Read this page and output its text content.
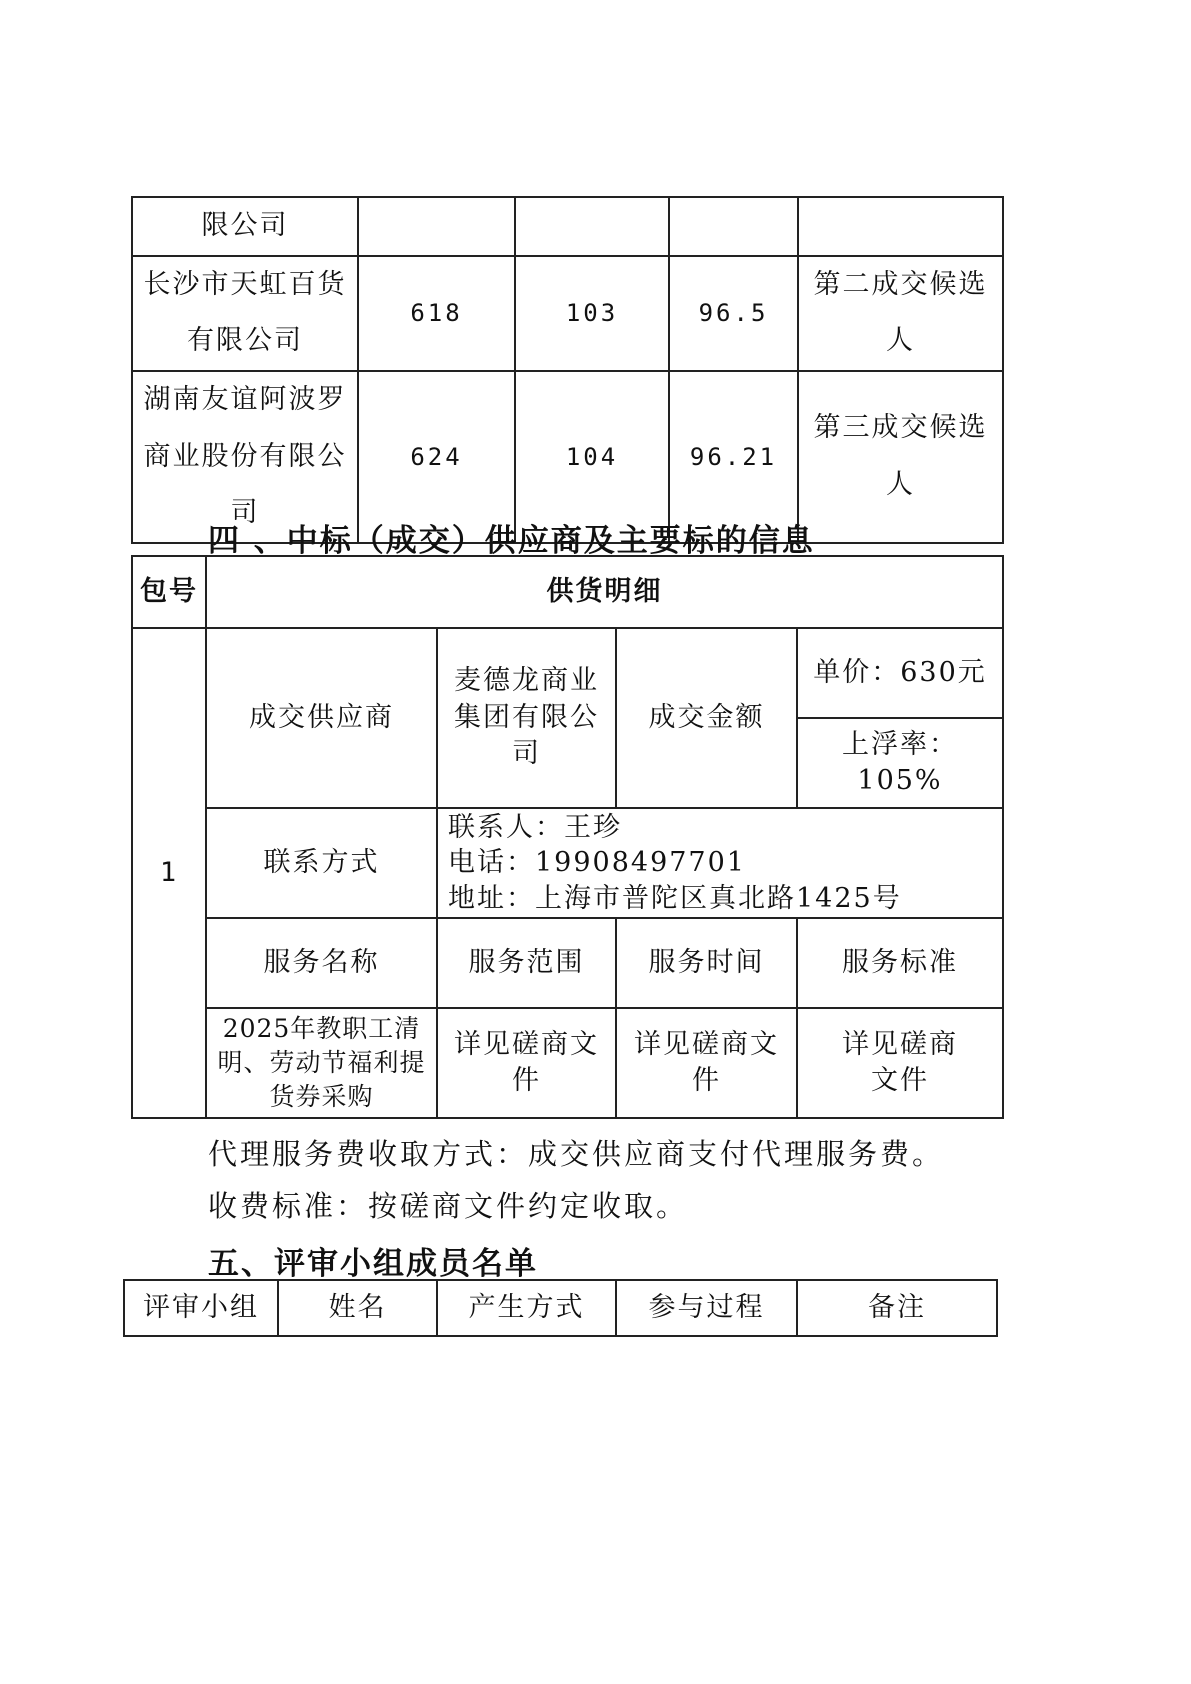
限公司				
长沙市天虹百货有限公司	618	103	96.5	第二成交候选人
湖南友谊阿波罗商业股份有限公司	624	104	96.21	第三成交候选人
四 、中标（成交）供应商及主要标的信息
包号	供货明细			
1	成交供应商	麦德龙商业集团有限公司	成交金额	单价：630元
				上浮率：105%
	联系方式	联系人：王珍
电话：19908497701
地址：上海市普陀区真北路1425号		

	服务名称	服务范围	服务时间	服务标准
	2025年教职工清明、劳动节福利提货券采购	详见磋商文件	详见磋商文件	详见磋商文件
代理服务费收取方式：成交供应商支付代理服务费。
收费标准：按磋商文件约定收取。
五、评审小组成员名单
评审小组	姓名	产生方式	参与过程	备注
